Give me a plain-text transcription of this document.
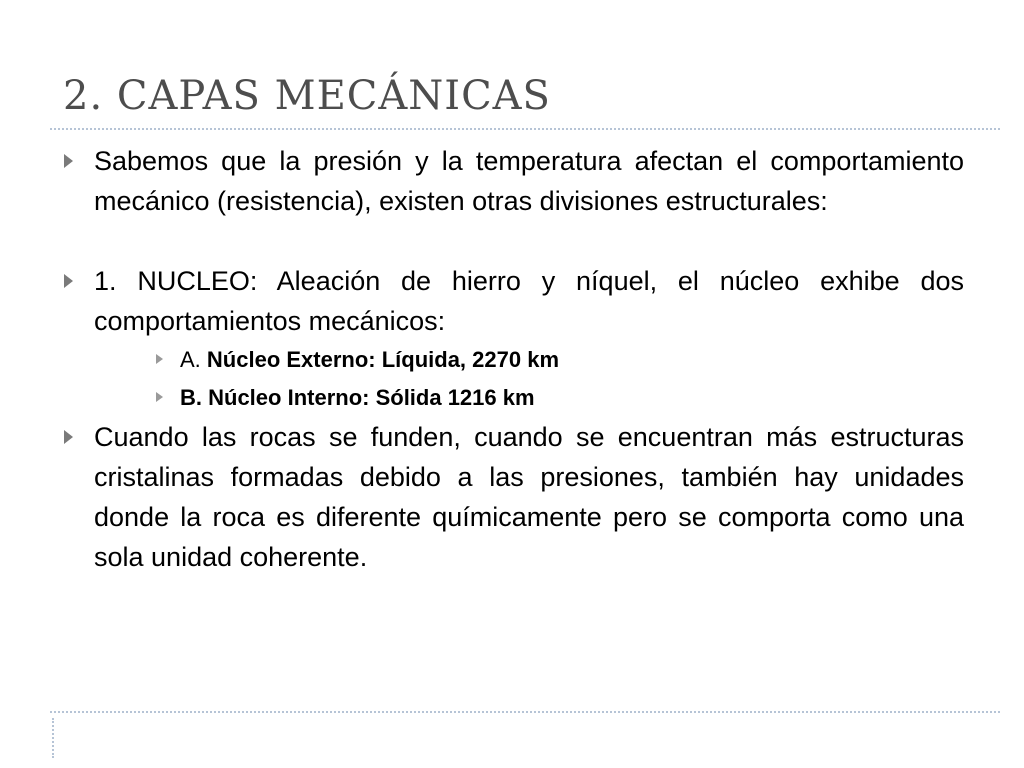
2. CAPAS MECÁNICAS
Sabemos que la presión y la temperatura afectan el comportamiento mecánico (resistencia), existen otras divisiones estructurales:
1. NUCLEO: Aleación de hierro y níquel, el núcleo exhibe dos comportamientos mecánicos:
A. Núcleo Externo: Líquida, 2270 km
B. Núcleo Interno: Sólida 1216 km
Cuando las rocas se funden, cuando se encuentran más estructuras cristalinas formadas debido a las presiones, también hay unidades donde la roca es diferente químicamente pero se comporta como una sola unidad coherente.
